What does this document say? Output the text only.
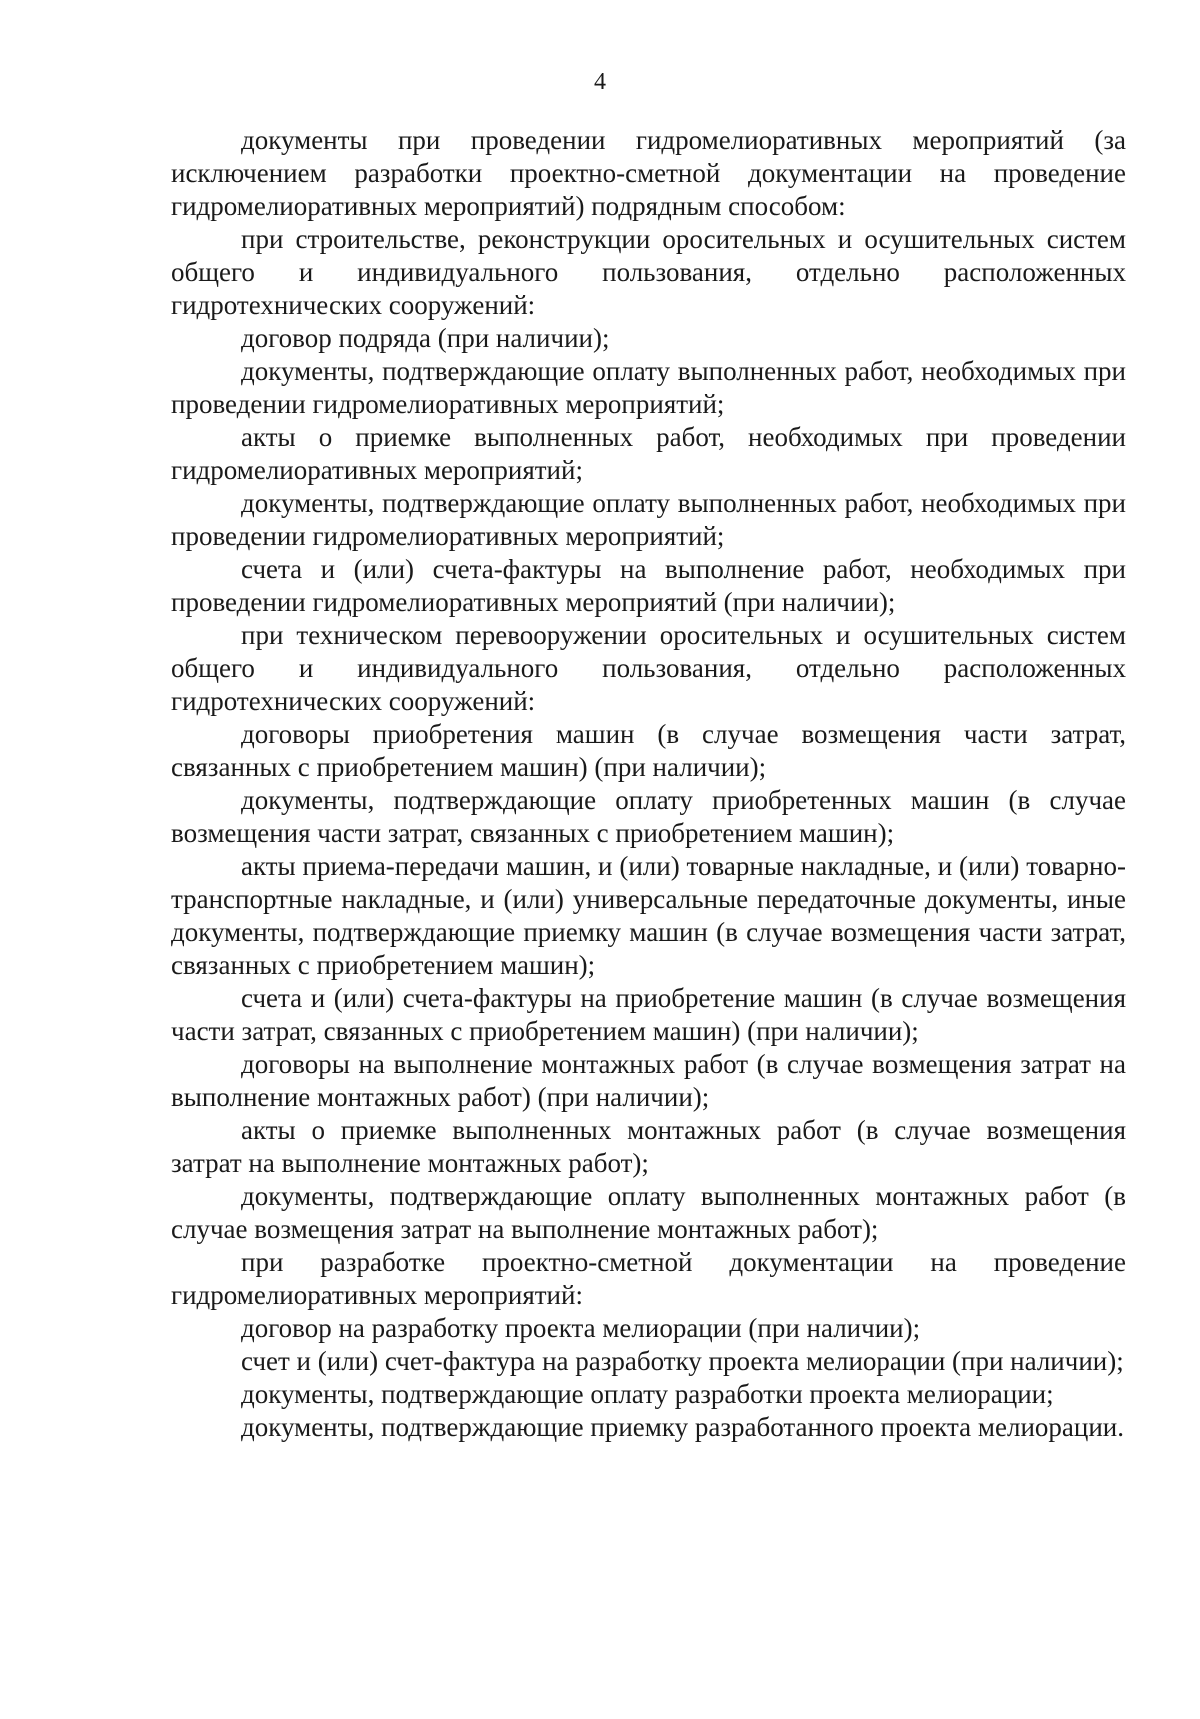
4

документы при проведении гидромелиоративных мероприятий (за исключением разработки проектно-сметной документации на проведение гидромелиоративных мероприятий) подрядным способом:

при строительстве, реконструкции оросительных и осушительных систем общего и индивидуального пользования, отдельно расположенных гидротехнических сооружений:

договор подряда (при наличии);

документы, подтверждающие оплату выполненных работ, необходимых при проведении гидромелиоративных мероприятий;

акты о приемке выполненных работ, необходимых при проведении гидромелиоративных мероприятий;

документы, подтверждающие оплату выполненных работ, необходимых при проведении гидромелиоративных мероприятий;

счета и (или) счета-фактуры на выполнение работ, необходимых при проведении гидромелиоративных мероприятий (при наличии);

при техническом перевооружении оросительных и осушительных систем общего и индивидуального пользования, отдельно расположенных гидротехнических сооружений:

договоры приобретения машин (в случае возмещения части затрат, связанных с приобретением машин) (при наличии);

документы, подтверждающие оплату приобретенных машин (в случае возмещения части затрат, связанных с приобретением машин);

акты приема-передачи машин, и (или) товарные накладные, и (или) товарно-транспортные накладные, и (или) универсальные передаточные документы, иные документы, подтверждающие приемку машин (в случае возмещения части затрат, связанных с приобретением машин);

счета и (или) счета-фактуры на приобретение машин (в случае возмещения части затрат, связанных с приобретением машин) (при наличии);

договоры на выполнение монтажных работ (в случае возмещения затрат на выполнение монтажных работ) (при наличии);

акты о приемке выполненных монтажных работ (в случае возмещения затрат на выполнение монтажных работ);

документы, подтверждающие оплату выполненных монтажных работ (в случае возмещения затрат на выполнение монтажных работ);

при разработке проектно-сметной документации на проведение гидромелиоративных мероприятий:

договор на разработку проекта мелиорации (при наличии);

счет и (или) счет-фактура на разработку проекта мелиорации (при наличии);

документы, подтверждающие оплату разработки проекта мелиорации;

документы, подтверждающие приемку разработанного проекта мелиорации.
